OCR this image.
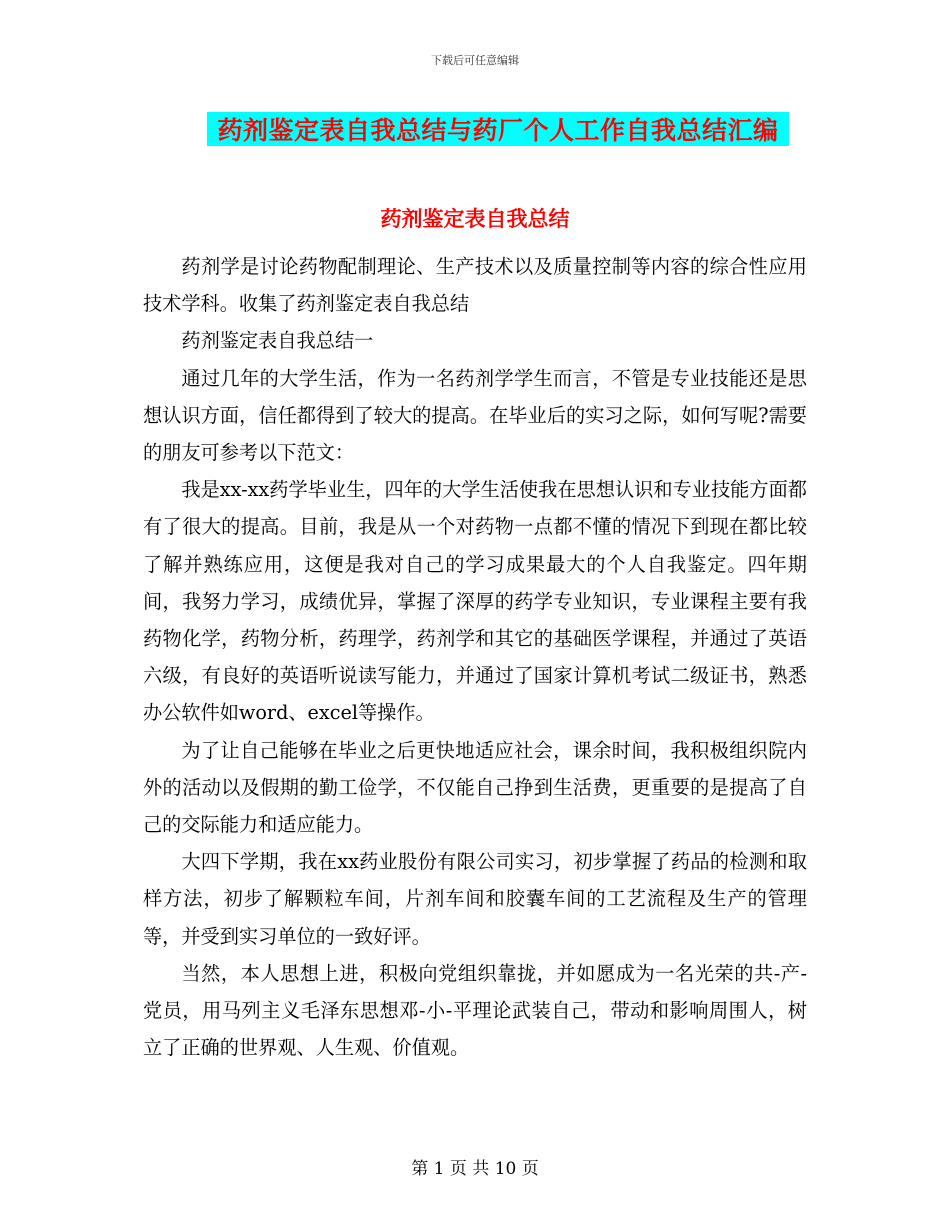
下载后可任意编辑
药剂鉴定表自我总结与药厂个人工作自我总结汇编
药剂鉴定表自我总结

药剂学是讨论药物配制理论、生产技术以及质量控制等内容的综合性应用技术学科。收集了药剂鉴定表自我总结

药剂鉴定表自我总结一

通过几年的大学生活，作为一名药剂学学生而言，不管是专业技能还是思想认识方面，信任都得到了较大的提高。在毕业后的实习之际，如何写呢?需要的朋友可参考以下范文：

我是xx-xx药学毕业生，四年的大学生活使我在思想认识和专业技能方面都有了很大的提高。目前，我是从一个对药物一点都不懂的情况下到现在都比较了解并熟练应用，这便是我对自己的学习成果最大的个人自我鉴定。四年期间，我努力学习，成绩优异，掌握了深厚的药学专业知识，专业课程主要有我药物化学，药物分析，药理学，药剂学和其它的基础医学课程，并通过了英语六级，有良好的英语听说读写能力，并通过了国家计算机考试二级证书，熟悉办公软件如word、excel等操作。

为了让自己能够在毕业之后更快地适应社会，课余时间，我积极组织院内外的活动以及假期的勤工俭学，不仅能自己挣到生活费，更重要的是提高了自己的交际能力和适应能力。

大四下学期，我在xx药业股份有限公司实习，初步掌握了药品的检测和取样方法，初步了解颗粒车间，片剂车间和胶囊车间的工艺流程及生产的管理等，并受到实习单位的一致好评。

当然，本人思想上进，积极向党组织靠拢，并如愿成为一名光荣的共-产-党员，用马列主义毛泽东思想邓-小-平理论武装自己，带动和影响周围人，树立了正确的世界观、人生观、价值观。

第 1 页 共 10 页
